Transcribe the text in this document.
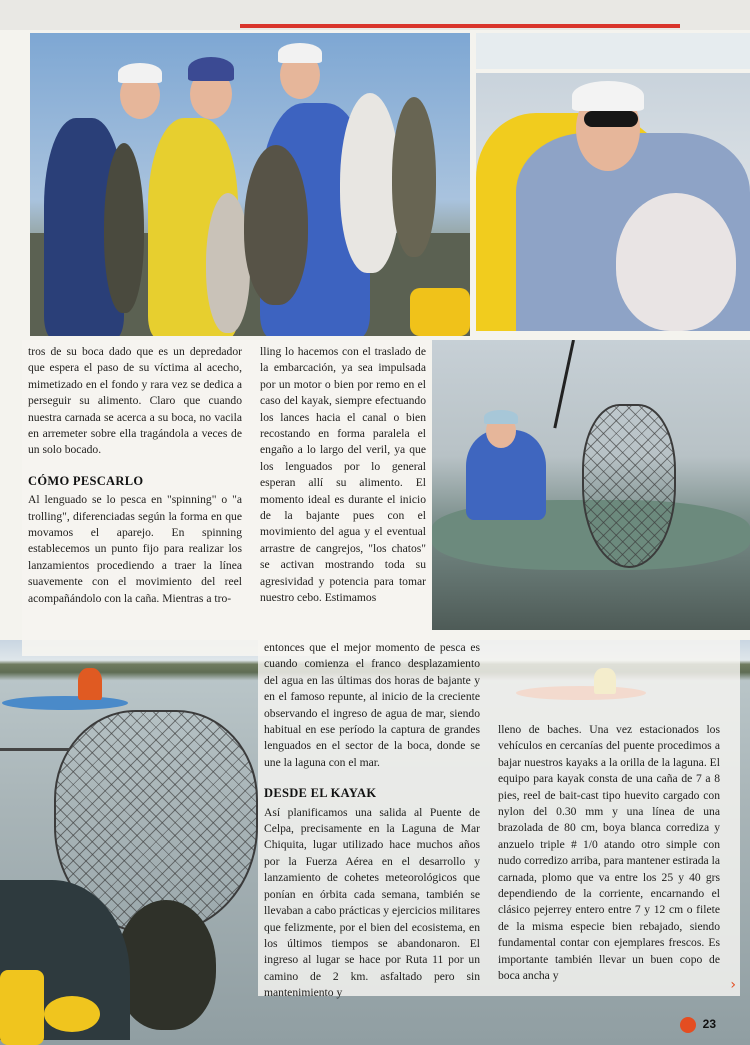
tros de su boca dado que es un depredador que espera el paso de su víctima al acecho, mimetizado en el fondo y rara vez se dedica a perseguir su alimento. Claro que cuando nuestra carnada se acerca a su boca, no vacila en arremeter sobre ella tragándola a veces de un solo bocado.

CÓMO PESCARLO

Al lenguado se lo pesca en "spinning" o "a trolling", diferenciadas según la forma en que movamos el aparejo. En spinning establecemos un punto fijo para realizar los lanzamientos procediendo a traer la línea suavemente con el movimiento del reel acompañándolo con la caña. Mientras a tro-

lling lo hacemos con el traslado de la embarcación, ya sea impulsada por un motor o bien por remo en el caso del kayak, siempre efectuando los lances hacia el canal o bien recostando en forma paralela el engaño a lo largo del veril, ya que los lenguados por lo general esperan allí su alimento. El momento ideal es durante el inicio de la bajante pues con el movimiento del agua y el eventual arrastre de cangrejos, "los chatos" se activan mostrando toda su agresividad y potencia para tomar nuestro cebo. Estimamos

entonces que el mejor momento de pesca es cuando comienza el franco desplazamiento del agua en las últimas dos horas de bajante y en el famoso repunte, al inicio de la creciente observando el ingreso de agua de mar, siendo habitual en ese período la captura de grandes lenguados en el sector de la boca, donde se une la laguna con el mar.

DESDE EL KAYAK

Así planificamos una salida al Puente de Celpa, precisamente en la Laguna de Mar Chiquita, lugar utilizado hace muchos años por la Fuerza Aérea en el desarrollo y lanzamiento de cohetes meteorológicos que ponían en órbita cada semana, también se llevaban a cabo prácticas y ejercicios militares que felizmente, por el bien del ecosistema, en los últimos tiempos se abandonaron. El ingreso al lugar se hace por Ruta 11 por un camino de 2 km. asfaltado pero sin mantenimiento y

lleno de baches. Una vez estacionados los vehículos en cercanías del puente procedimos a bajar nuestros kayaks a la orilla de la laguna. El equipo para kayak consta de una caña de 7 a 8 pies, reel de bait-cast tipo huevito cargado con nylon del 0.30 mm y una línea de una brazolada de 80 cm, boya blanca corrediza y anzuelo triple # 1/0 atando otro simple con nudo corredizo arriba, para mantener estirada la carnada, plomo que va entre los 25 y 40 grs dependiendo de la corriente, encarnando el clásico pejerrey entero entre 7 y 12 cm o filete de la misma especie bien rebajado, siendo fundamental contar con ejemplares frescos. Es importante también llevar un buen copo de boca ancha y

›
23
